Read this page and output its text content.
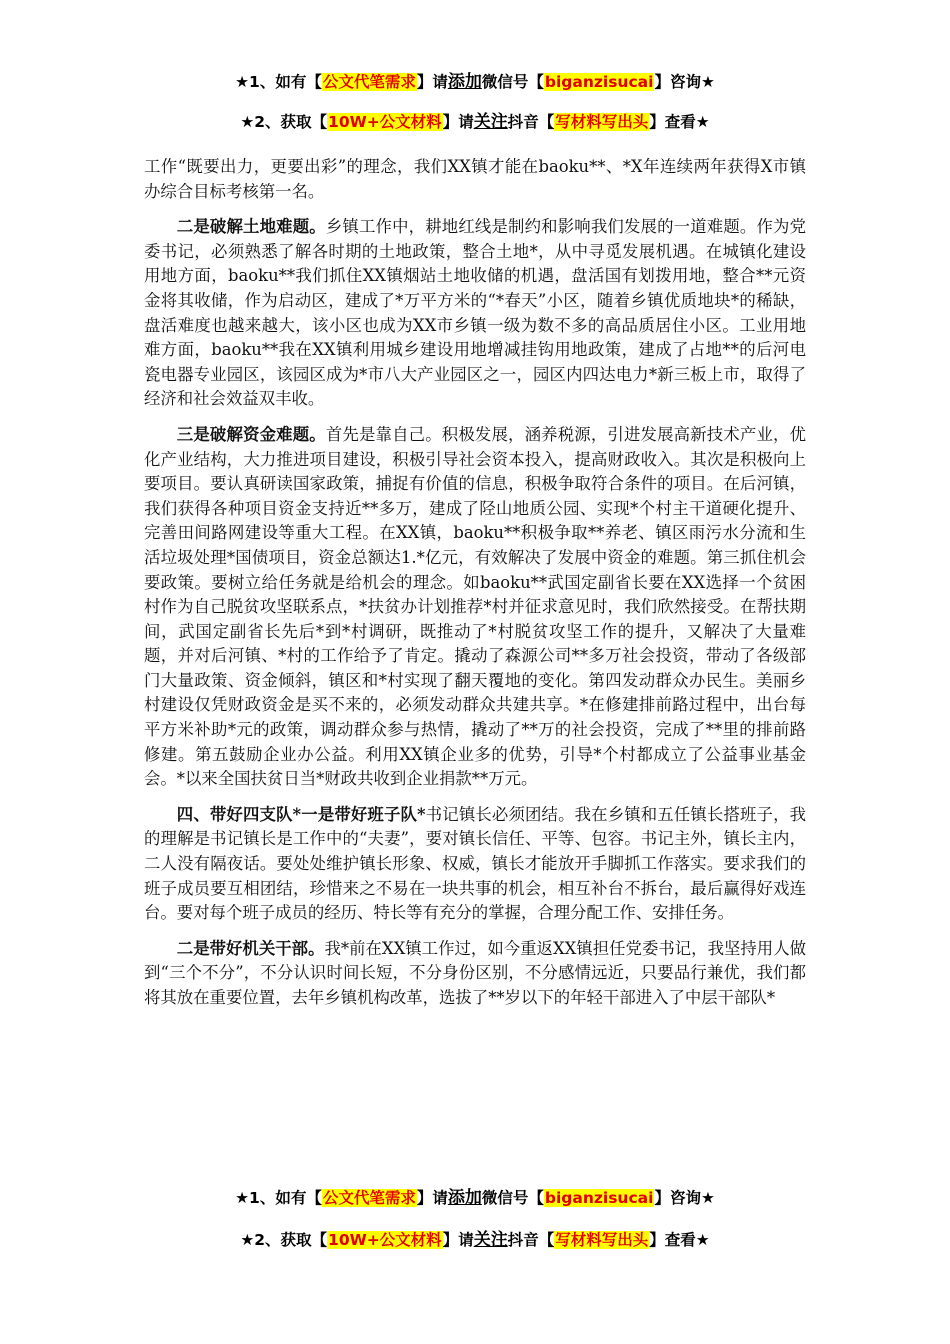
★1、如有【公文代笔需求】请添加微信号【biganzisucai】咨询★
★2、获取【10W+公文材料】请关注抖音【写材料写出头】查看★

工作“既要出力，更要出彩”的理念，我们XX镇才能在baoku**、*X年连续两年获得X市镇办综合目标考核第一名。

二是破解土地难题。乡镇工作中，耕地红线是制约和影响我们发展的一道难题。作为党委书记，必须熟悉了解各时期的土地政策，整合土地*，从中寻觅发展机遇。在城镇化建设用地方面，baoku**我们抓住XX镇烟站土地收储的机遇，盘活国有划拨用地，整合**元资金将其收储，作为启动区，建成了*万平方米的“*春天”小区，随着乡镇优质地块*的稀缺，盘活难度也越来越大，该小区也成为XX市乡镇一级为数不多的高品质居住小区。工业用地难方面，baoku**我在XX镇利用城乡建设用地增减挂钩用地政策，建成了占地**的后河电瓷电器专业园区，该园区成为*市八大产业园区之一，园区内四达电力*新三板上市，取得了经济和社会效益双丰收。

三是破解资金难题。首先是靠自己。积极发展，涵养税源，引进发展高新技术产业，优化产业结构，大力推进项目建设，积极引导社会资本投入，提高财政收入。其次是积极向上要项目。要认真研读国家政策，捕捉有价值的信息，积极争取符合条件的项目。在后河镇，我们获得各种项目资金支持近**多万，建成了陉山地质公园、实现*个村主干道硬化提升、完善田间路网建设等重大工程。在XX镇，baoku**积极争取**养老、镇区雨污水分流和生活垃圾处理*国债项目，资金总额达1.*亿元，有效解决了发展中资金的难题。第三抓住机会要政策。要树立给任务就是给机会的理念。如baoku**武国定副省长要在XX选择一个贫困村作为自己脱贫攻坚联系点，*扶贫办计划推荐*村并征求意见时，我们欣然接受。在帮扶期间，武国定副省长先后*到*村调研，既推动了*村脱贫攻坚工作的提升，又解决了大量难题，并对后河镇、*村的工作给予了肯定。撬动了森源公司**多万社会投资，带动了各级部门大量政策、资金倾斜，镇区和*村实现了翻天覆地的变化。第四发动群众办民生。美丽乡村建设仅凭财政资金是买不来的，必须发动群众共建共享。*在修建排前路过程中，出台每平方米补助*元的政策，调动群众参与热情，撬动了**万的社会投资，完成了**里的排前路修建。第五鼓励企业办公益。利用XX镇企业多的优势，引导*个村都成立了公益事业基金会。*以来全国扶贫日当*财政共收到企业捐款**万元。

四、带好四支队*一是带好班子队*书记镇长必须团结。我在乡镇和五任镇长搭班子，我的理解是书记镇长是工作中的“夫妻”，要对镇长信任、平等、包容。书记主外，镇长主内，二人没有隔夜话。要处处维护镇长形象、权威，镇长才能放开手脚抓工作落实。要求我们的班子成员要互相团结，珍惜来之不易在一块共事的机会，相互补台不拆台，最后赢得好戏连台。要对每个班子成员的经历、特长等有充分的掌握，合理分配工作、安排任务。

二是带好机关干部。我*前在XX镇工作过，如今重返XX镇担任党委书记，我坚持用人做到“三个不分”，不分认识时间长短，不分身份区别，不分感情远近，只要品行兼优，我们都将其放在重要位置，去年乡镇机构改革，选拔了**岁以下的年轻干部进入了中层干部队*

★1、如有【公文代笔需求】请添加微信号【biganzisucai】咨询★
★2、获取【10W+公文材料】请关注抖音【写材料写出头】查看★
